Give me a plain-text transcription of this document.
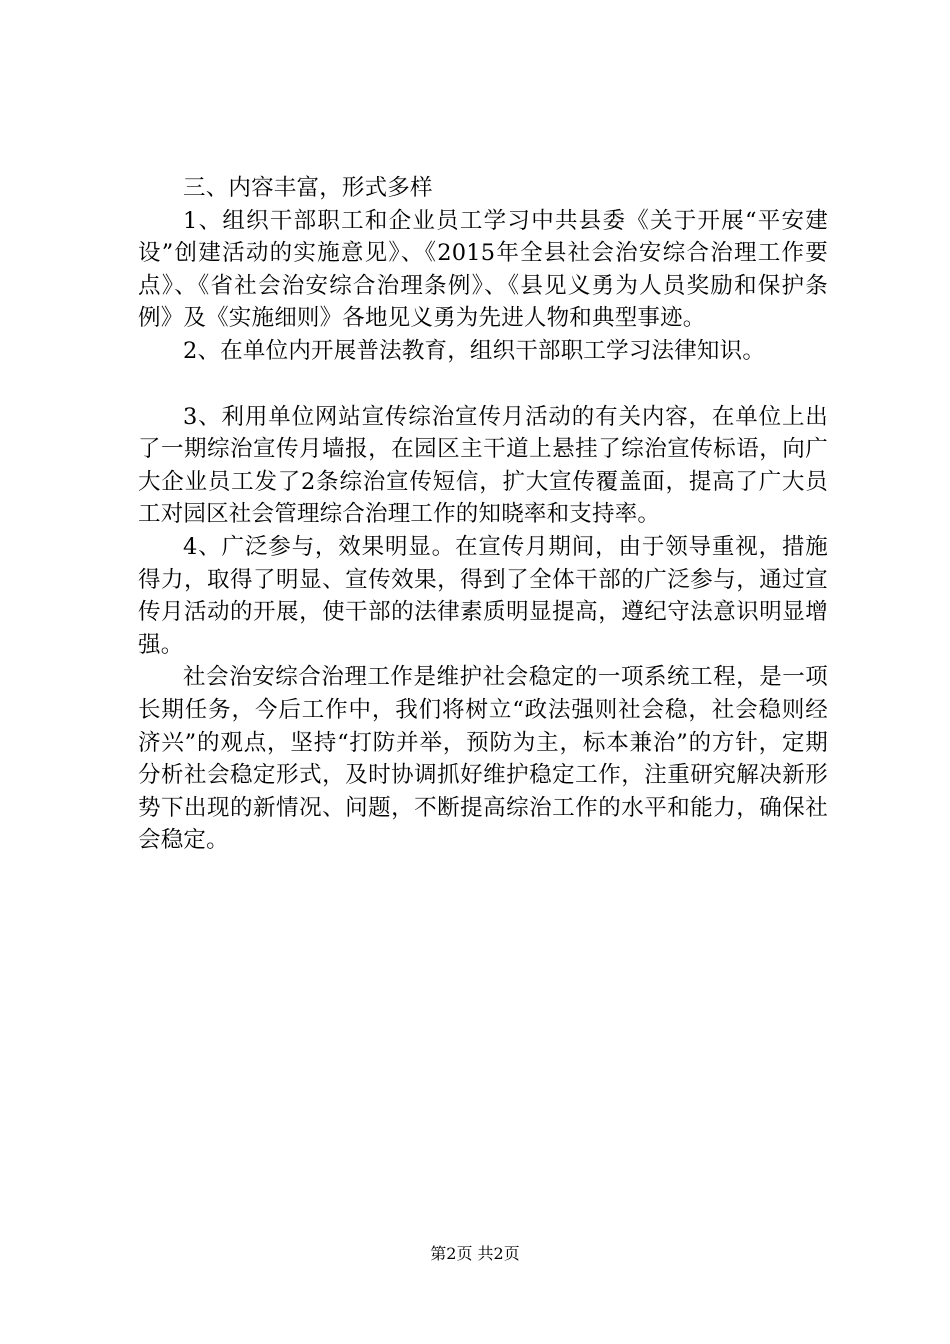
三、内容丰富，形式多样

1、组织干部职工和企业员工学习中共县委《关于开展“平安建设”创建活动的实施意见》、《2015年全县社会治安综合治理工作要点》、《省社会治安综合治理条例》、《县见义勇为人员奖励和保护条例》及《实施细则》各地见义勇为先进人物和典型事迹。

2、在单位内开展普法教育，组织干部职工学习法律知识。

3、利用单位网站宣传综治宣传月活动的有关内容，在单位上出了一期综治宣传月墙报，在园区主干道上悬挂了综治宣传标语，向广大企业员工发了2条综治宣传短信，扩大宣传覆盖面，提高了广大员工对园区社会管理综合治理工作的知晓率和支持率。

4、广泛参与，效果明显。在宣传月期间，由于领导重视，措施得力，取得了明显、宣传效果，得到了全体干部的广泛参与，通过宣传月活动的开展，使干部的法律素质明显提高，遵纪守法意识明显增强。

社会治安综合治理工作是维护社会稳定的一项系统工程，是一项长期任务，今后工作中，我们将树立“政法强则社会稳，社会稳则经济兴”的观点，坚持“打防并举，预防为主，标本兼治”的方针，定期分析社会稳定形式，及时协调抓好维护稳定工作，注重研究解决新形势下出现的新情况、问题，不断提高综治工作的水平和能力，确保社会稳定。

第2页 共2页
